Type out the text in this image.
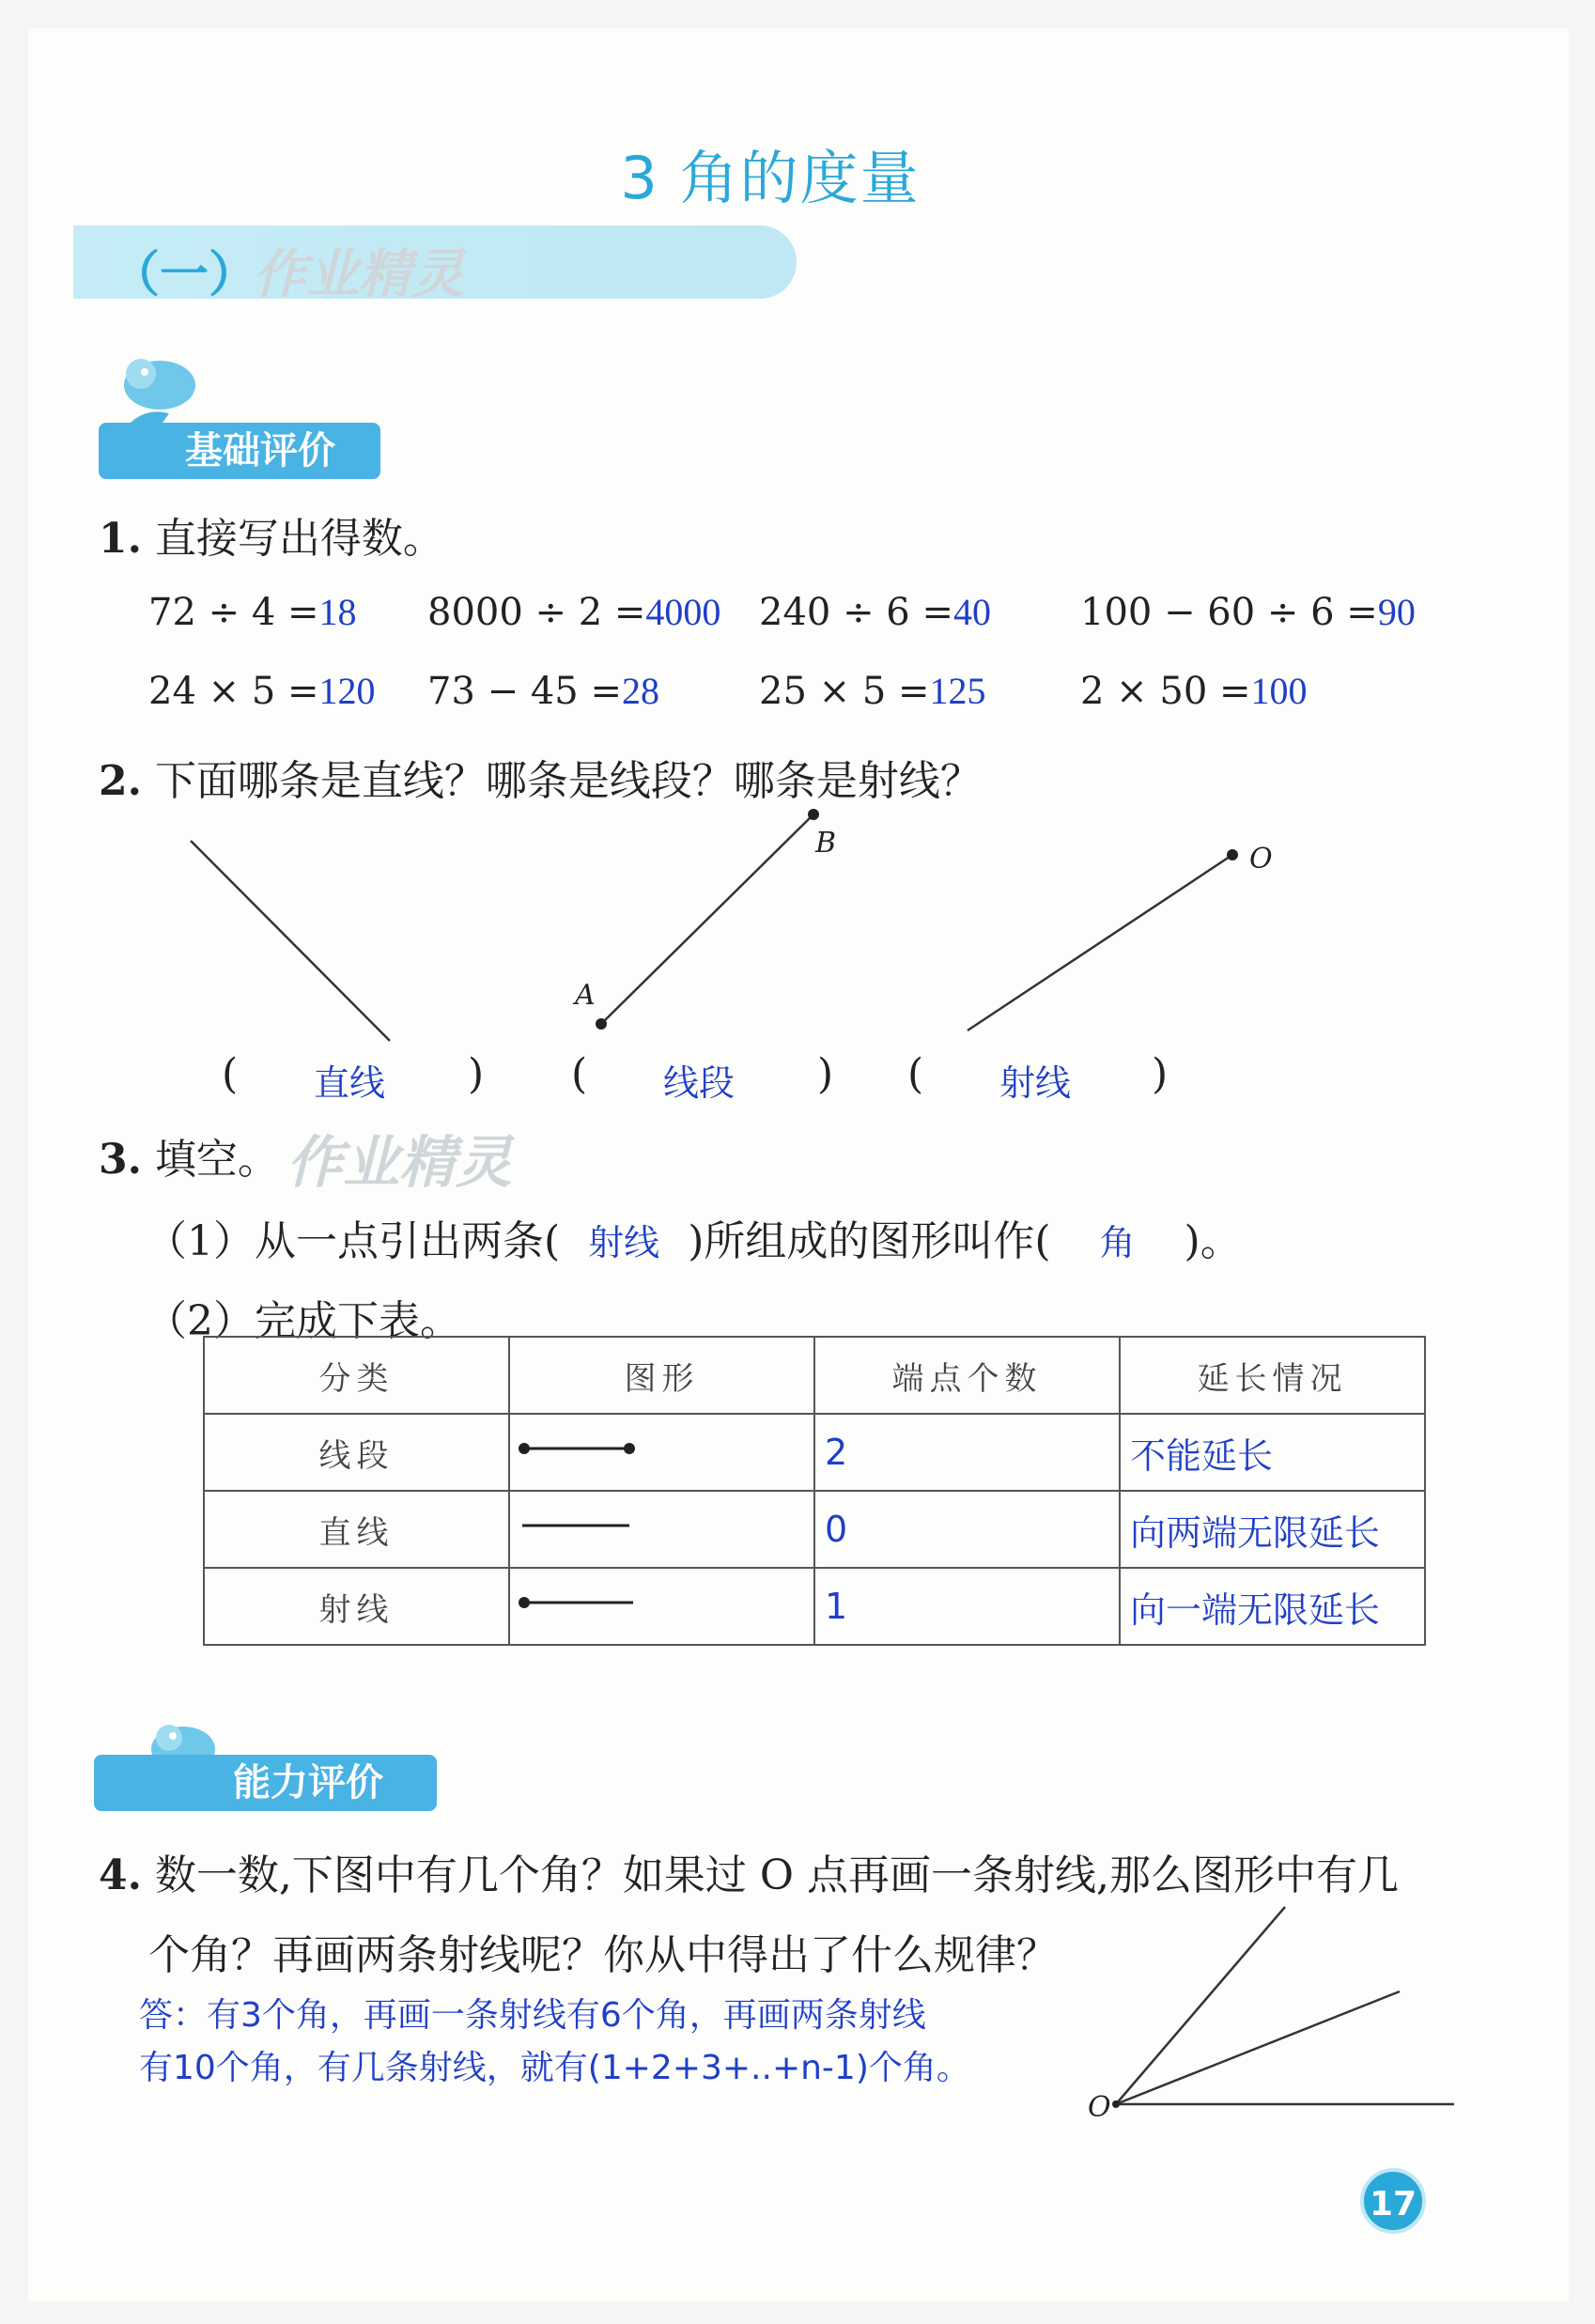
3 角的度量
（一）
作业精灵
基础评价
1. 直接写出得数。
72 ÷ 4 =18 8000 ÷ 2 =4000 240 ÷ 6 =40 100 − 60 ÷ 6 =90
24 × 5 =120 73 − 45 =28	25 × 5 =125	2 × 50 =100
2. 下面哪条是直线？哪条是线段？哪条是射线？
A
B	O
( 直线 ) ( 线段 ) ( 射线 )
3. 填空。 作业精灵
（1）从一点引出两条( 射线 )所组成的图形叫作( 角 )。
（2）完成下表。
分类	图形	端点个数	延长情况
线段		2	不能延长
直线		0	向两端无限延长
射线		1	向一端无限延长
能力评价
4. 数一数,下图中有几个角？如果过 O 点再画一条射线,那么图形中有几
个角？再画两条射线呢？你从中得出了什么规律？
答：有3个角，再画一条射线有6个角，再画两条射线
有10个角，有几条射线，就有(1+2+3+..+n-1)个角。
O
17
